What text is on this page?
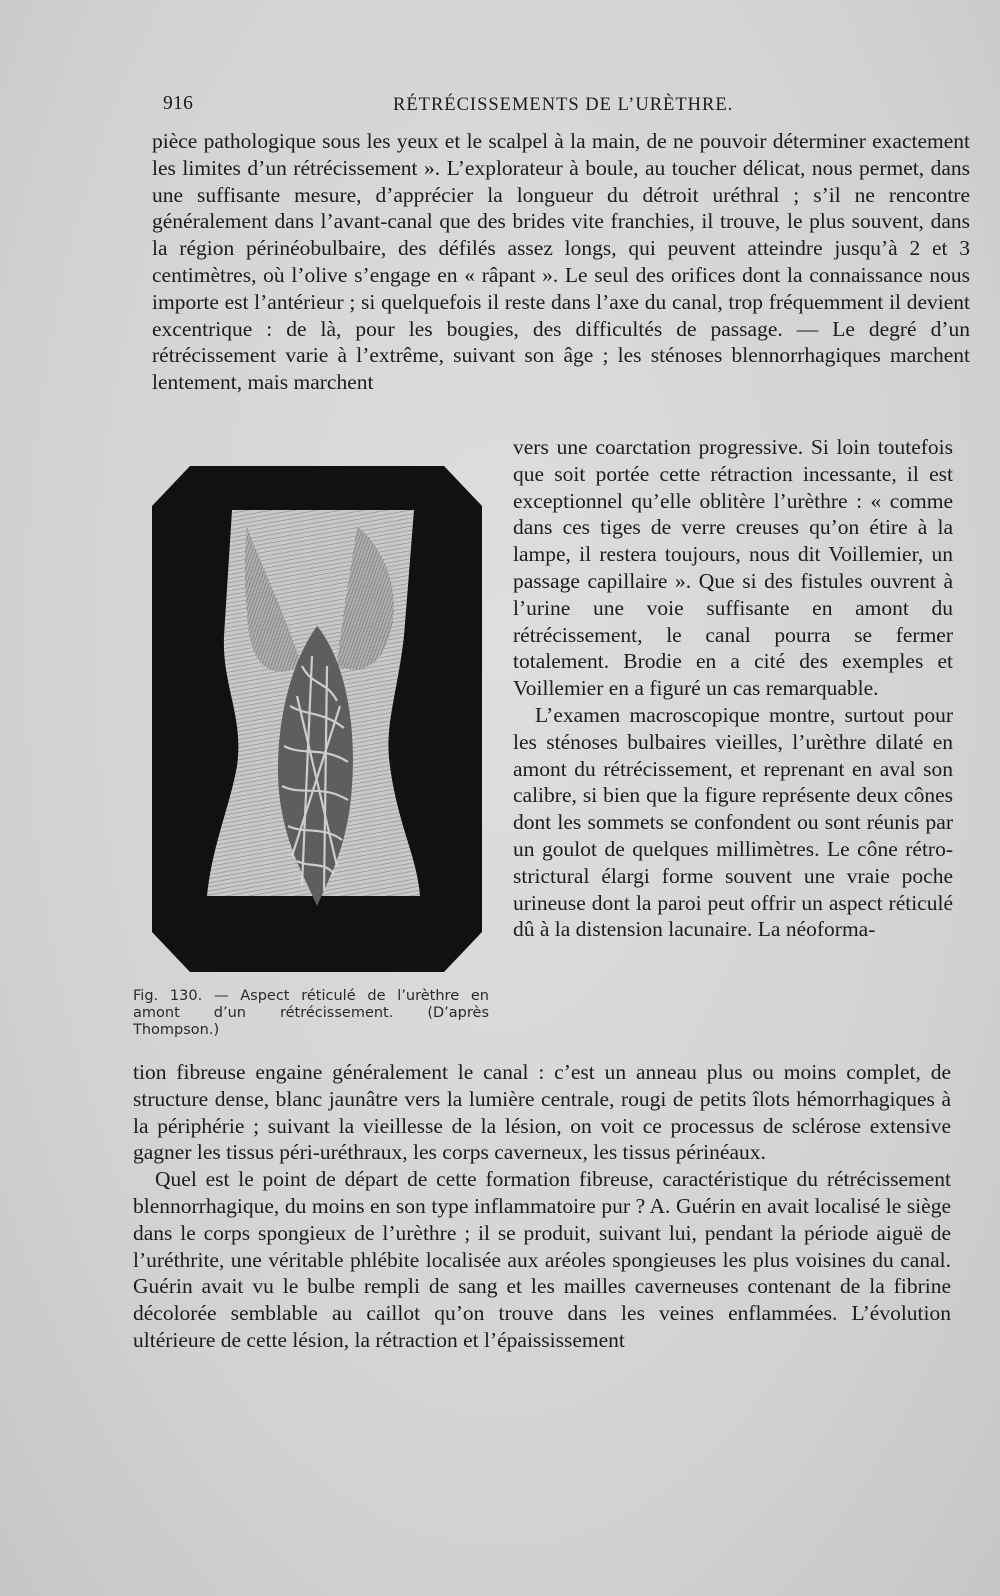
916	RÉTRÉCISSEMENTS DE L’URÈTHRE.

pièce pathologique sous les yeux et le scalpel à la main, de ne pouvoir déterminer exactement les limites d’un rétrécissement ». L’explorateur à boule, au toucher délicat, nous permet, dans une suffisante mesure, d’apprécier la longueur du détroit uréthral ; s’il ne rencontre généralement dans l’avant-canal que des brides vite franchies, il trouve, le plus souvent, dans la région périnéobulbaire, des défilés assez longs, qui peuvent atteindre jusqu’à 2 et 3 centimètres, où l’olive s’engage en « râpant ». Le seul des orifices dont la connaissance nous importe est l’antérieur ; si quelquefois il reste dans l’axe du canal, trop fréquemment il devient excentrique : de là, pour les bougies, des difficultés de passage. — Le degré d’un rétrécissement varie à l’extrême, suivant son âge ; les sténoses blennorrhagiques marchent lentement, mais marchent

Fig. 130. — Aspect réticulé de l’urèthre en amont d’un rétrécissement. (D’après Thompson.)

vers une coarctation progressive. Si loin toutefois que soit portée cette rétraction incessante, il est exceptionnel qu’elle oblitère l’urèthre : « comme dans ces tiges de verre creuses qu’on étire à la lampe, il restera toujours, nous dit Voillemier, un passage capillaire ». Que si des fistules ouvrent à l’urine une voie suffisante en amont du rétrécissement, le canal pourra se fermer totalement. Brodie en a cité des exemples et Voillemier en a figuré un cas remarquable.

L’examen macroscopique montre, surtout pour les sténoses bulbaires vieilles, l’urèthre dilaté en amont du rétrécissement, et reprenant en aval son calibre, si bien que la figure représente deux cônes dont les sommets se confondent ou sont réunis par un goulot de quelques millimètres. Le cône rétro-strictural élargi forme souvent une vraie poche urineuse dont la paroi peut offrir un aspect réticulé dû à la distension lacunaire. La néoforma-

tion fibreuse engaine généralement le canal : c’est un anneau plus ou moins complet, de structure dense, blanc jaunâtre vers la lumière centrale, rougi de petits îlots hémorrhagiques à la périphérie ; suivant la vieillesse de la lésion, on voit ce processus de sclérose extensive gagner les tissus péri-uréthraux, les corps caverneux, les tissus périnéaux.

Quel est le point de départ de cette formation fibreuse, caractéristique du rétrécissement blennorrhagique, du moins en son type inflammatoire pur ? A. Guérin en avait localisé le siège dans le corps spongieux de l’urèthre ; il se produit, suivant lui, pendant la période aiguë de l’uréthrite, une véritable phlébite localisée aux aréoles spongieuses les plus voisines du canal. Guérin avait vu le bulbe rempli de sang et les mailles caverneuses contenant de la fibrine décolorée semblable au caillot qu’on trouve dans les veines enflammées. L’évolution ultérieure de cette lésion, la rétraction et l’épaississement
